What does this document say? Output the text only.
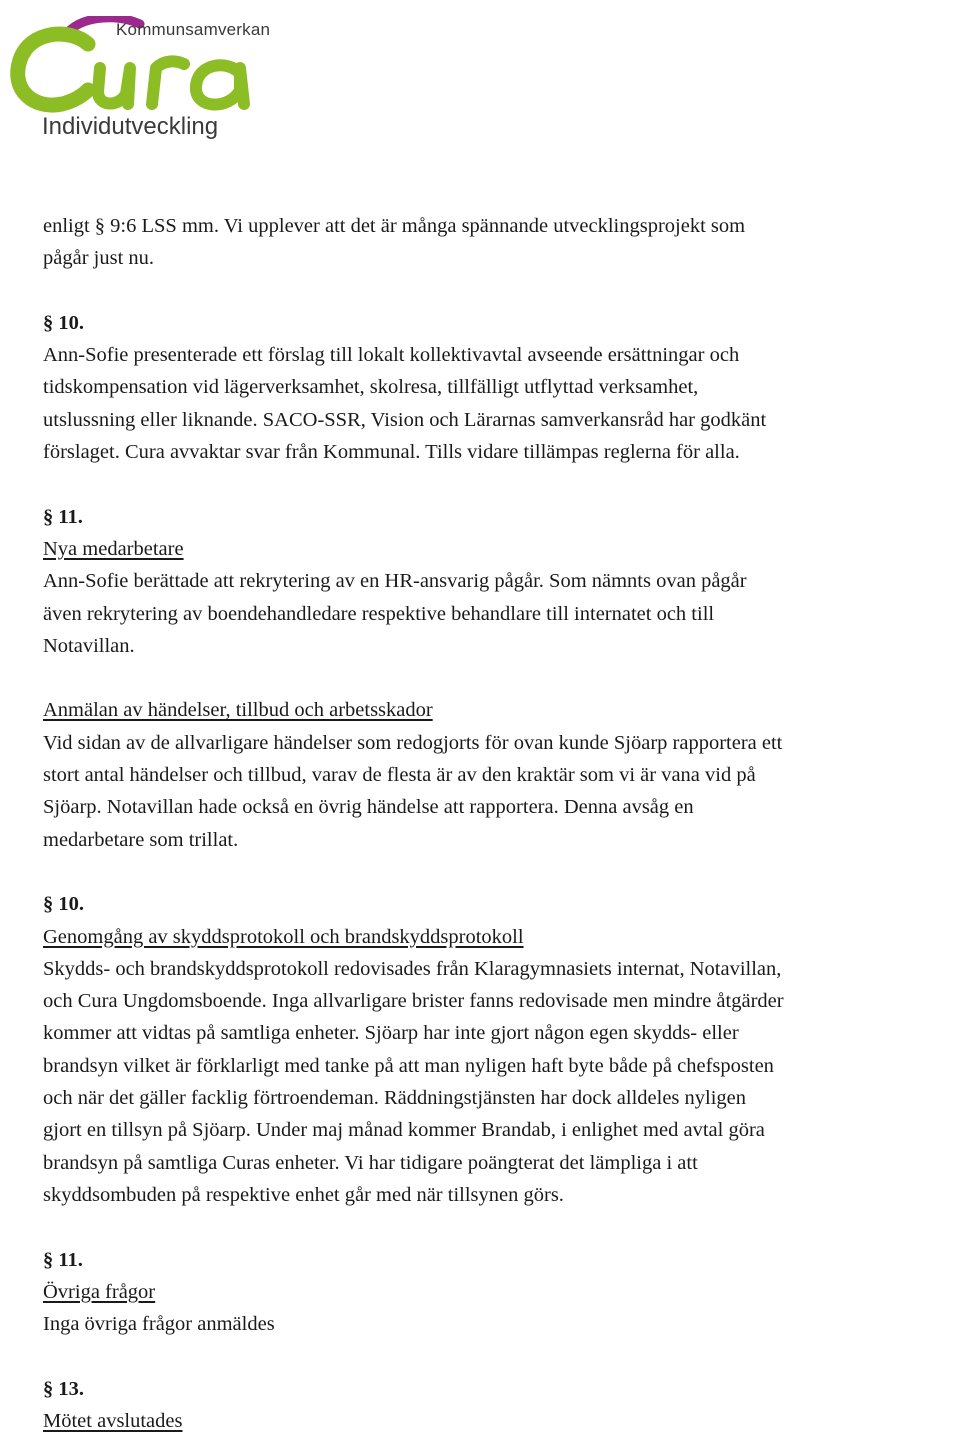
Kommunsamverkan
Individutveckling

enligt § 9:6 LSS mm. Vi upplever att det är många spännande utvecklingsprojekt som

pågår just nu.

§ 10.

Ann-Sofie presenterade ett förslag till lokalt kollektivavtal avseende ersättningar och

tidskompensation vid lägerverksamhet, skolresa, tillfälligt utflyttad verksamhet,

utslussning eller liknande. SACO-SSR, Vision och Lärarnas samverkansråd har godkänt

förslaget. Cura avvaktar svar från Kommunal. Tills vidare tillämpas reglerna för alla.

§ 11.

Nya medarbetare

Ann-Sofie berättade att rekrytering av en HR-ansvarig pågår. Som nämnts ovan pågår

även rekrytering av boendehandledare respektive behandlare till internatet och till

Notavillan.

Anmälan av händelser, tillbud och arbetsskador

Vid sidan av de allvarligare händelser som redogjorts för ovan kunde Sjöarp rapportera ett

stort antal händelser och tillbud, varav de flesta är av den kraktär som vi är vana vid på

Sjöarp. Notavillan hade också en övrig händelse att rapportera. Denna avsåg en

medarbetare som trillat.

§ 10.

Genomgång av skyddsprotokoll och brandskyddsprotokoll

Skydds- och brandskyddsprotokoll redovisades från Klaragymnasiets internat, Notavillan,

och Cura Ungdomsboende. Inga allvarligare brister fanns redovisade men mindre åtgärder

kommer att vidtas på samtliga enheter. Sjöarp har inte gjort någon egen skydds- eller

brandsyn vilket är förklarligt med tanke på att man nyligen haft byte både på chefsposten

och när det gäller facklig förtroendeman. Räddningstjänsten har dock alldeles nyligen

gjort en tillsyn på Sjöarp. Under maj månad kommer Brandab, i enlighet med avtal göra

brandsyn på samtliga Curas enheter. Vi har tidigare poängterat det lämpliga i att

skyddsombuden på respektive enhet går med när tillsynen görs.

§ 11.

Övriga frågor

Inga övriga frågor anmäldes

§ 13.

Mötet avslutades
